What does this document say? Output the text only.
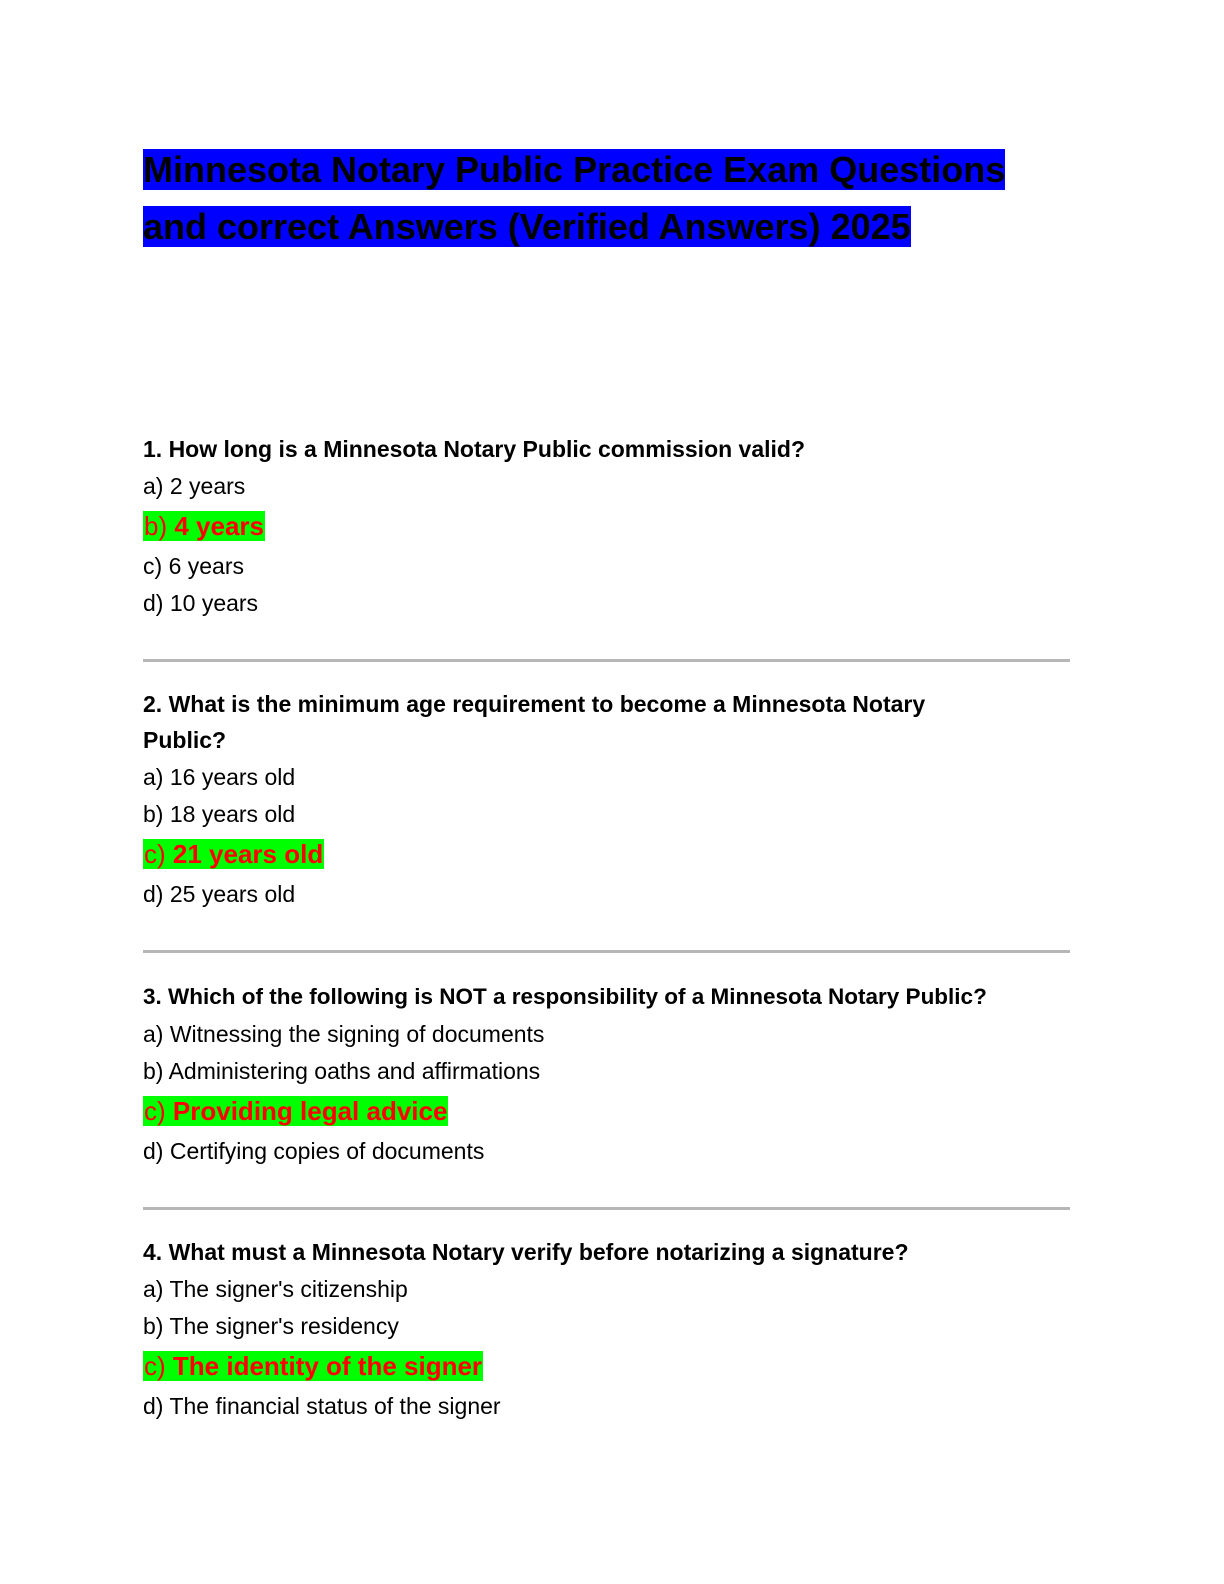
Minnesota Notary Public Practice Exam Questions
and correct Answers (Verified Answers) 2025

1. How long is a Minnesota Notary Public commission valid?

a) 2 years
b) 4 years
c) 6 years
d) 10 years

2. What is the minimum age requirement to become a Minnesota Notary Public?

a) 16 years old
b) 18 years old
c) 21 years old
d) 25 years old

3. Which of the following is NOT a responsibility of a Minnesota Notary Public?

a) Witnessing the signing of documents
b) Administering oaths and affirmations
c) Providing legal advice
d) Certifying copies of documents

4. What must a Minnesota Notary verify before notarizing a signature?

a) The signer's citizenship
b) The signer's residency
c) The identity of the signer
d) The financial status of the signer
